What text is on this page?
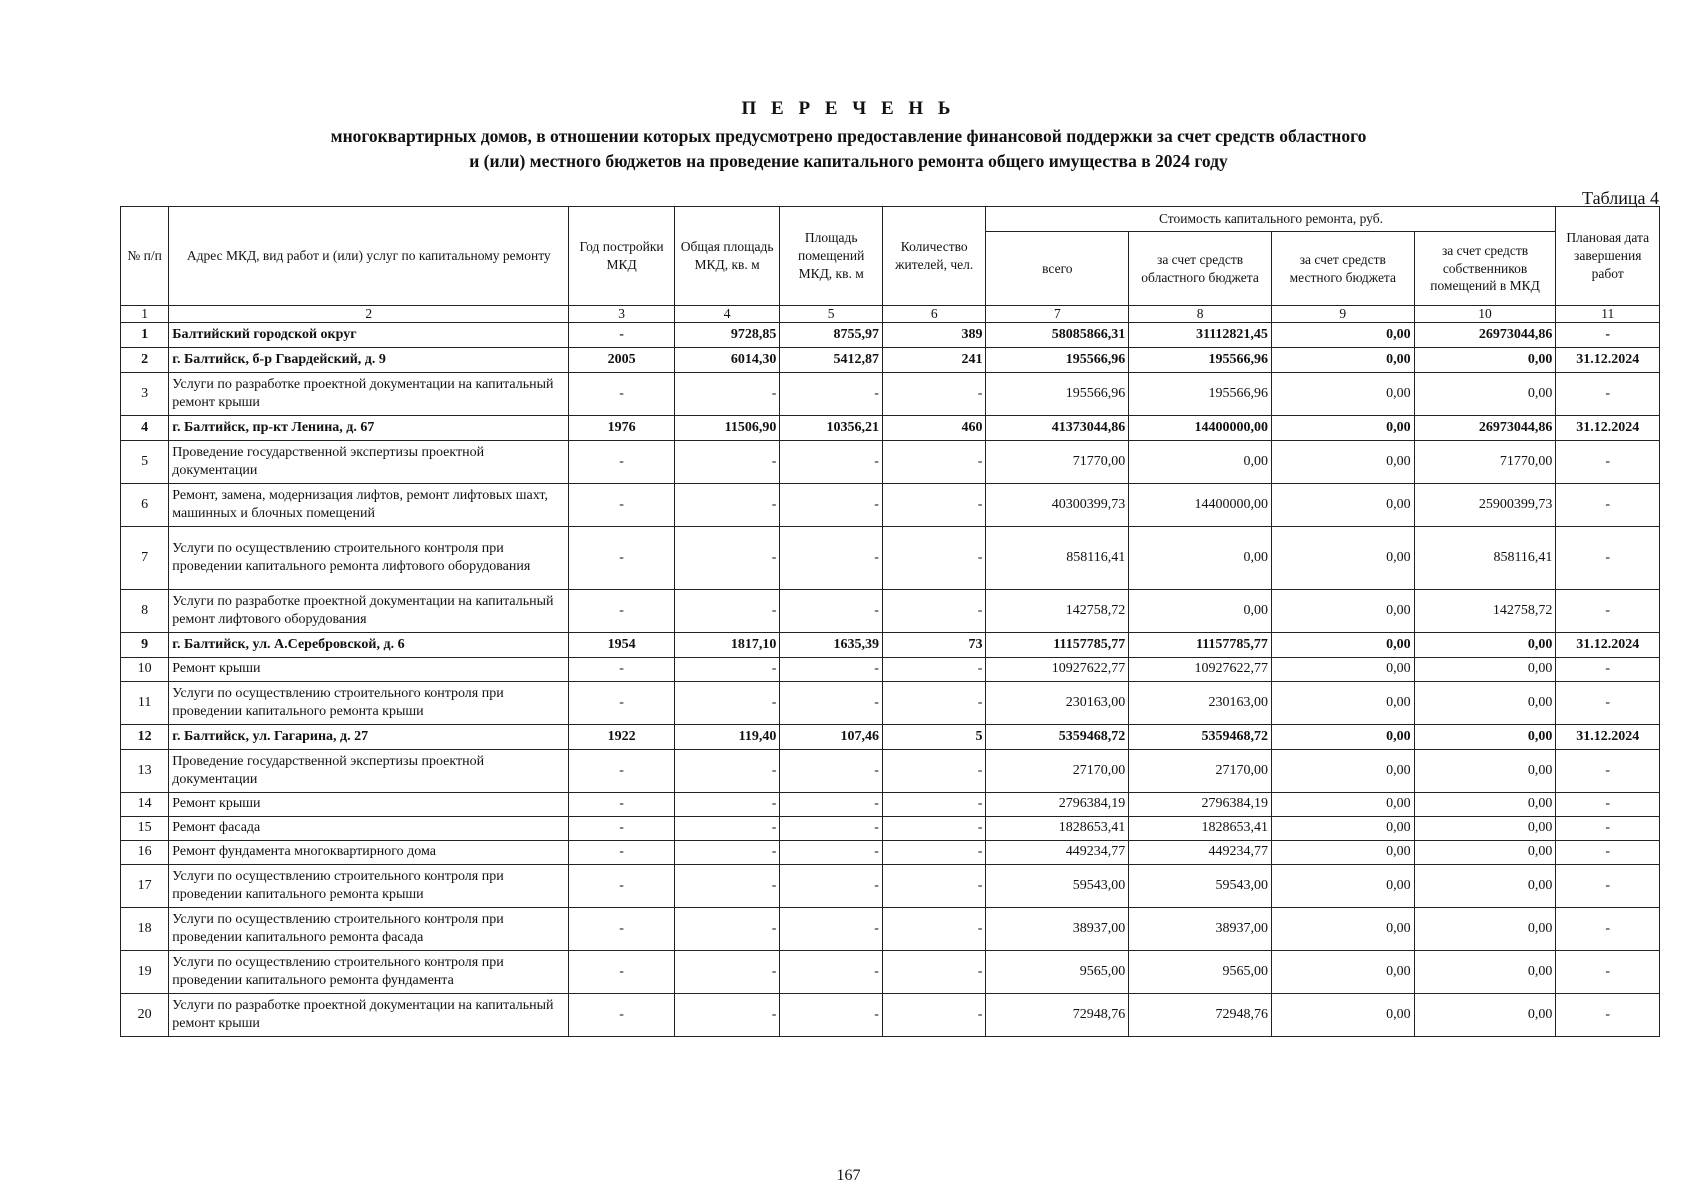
П Е Р Е Ч Е Н Ь
многоквартирных домов, в отношении которых предусмотрено предоставление финансовой поддержки за счет средств областного
и (или) местного бюджетов на проведение капитального ремонта общего имущества в 2024 году
Таблица 4
№ п/п	Адрес МКД, вид работ и (или) услуг по капитальному ремонту	Год постройки МКД	Общая площадь МКД, кв. м	Площадь помещений МКД, кв. м	Количество жителей, чел.	Стоимость капитального ремонта, руб.				Плановая дата завершения работ
						всего	за счет средств областного бюджета	за счет средств местного бюджета	за счет средств собственников помещений в МКД	
1	2	3	4	5	6	7	8	9	10	11
1	Балтийский городской округ	-	9728,85	8755,97	389	58085866,31	31112821,45	0,00	26973044,86	-
2	г. Балтийск, б-р Гвардейский, д. 9	2005	6014,30	5412,87	241	195566,96	195566,96	0,00	0,00	31.12.2024
3	Услуги по разработке проектной документации на капитальный ремонт крыши	-	-	-	-	195566,96	195566,96	0,00	0,00	-
4	г. Балтийск, пр-кт Ленина, д. 67	1976	11506,90	10356,21	460	41373044,86	14400000,00	0,00	26973044,86	31.12.2024
5	Проведение государственной экспертизы проектной документации	-	-	-	-	71770,00	0,00	0,00	71770,00	-
6	Ремонт, замена, модернизация лифтов, ремонт лифтовых шахт, машинных и блочных помещений	-	-	-	-	40300399,73	14400000,00	0,00	25900399,73	-
7	Услуги по осуществлению строительного контроля при проведении капитального ремонта лифтового оборудования	-	-	-	-	858116,41	0,00	0,00	858116,41	-
8	Услуги по разработке проектной документации на капитальный ремонт лифтового оборудования	-	-	-	-	142758,72	0,00	0,00	142758,72	-
9	г. Балтийск, ул. А.Серебровской, д. 6	1954	1817,10	1635,39	73	11157785,77	11157785,77	0,00	0,00	31.12.2024
10	Ремонт крыши	-	-	-	-	10927622,77	10927622,77	0,00	0,00	-
11	Услуги по осуществлению строительного контроля при проведении капитального ремонта крыши	-	-	-	-	230163,00	230163,00	0,00	0,00	-
12	г. Балтийск, ул. Гагарина, д. 27	1922	119,40	107,46	5	5359468,72	5359468,72	0,00	0,00	31.12.2024
13	Проведение государственной экспертизы проектной документации	-	-	-	-	27170,00	27170,00	0,00	0,00	-
14	Ремонт крыши	-	-	-	-	2796384,19	2796384,19	0,00	0,00	-
15	Ремонт фасада	-	-	-	-	1828653,41	1828653,41	0,00	0,00	-
16	Ремонт фундамента многоквартирного дома	-	-	-	-	449234,77	449234,77	0,00	0,00	-
17	Услуги по осуществлению строительного контроля при проведении капитального ремонта крыши	-	-	-	-	59543,00	59543,00	0,00	0,00	-
18	Услуги по осуществлению строительного контроля при проведении капитального ремонта фасада	-	-	-	-	38937,00	38937,00	0,00	0,00	-
19	Услуги по осуществлению строительного контроля при проведении капитального ремонта фундамента	-	-	-	-	9565,00	9565,00	0,00	0,00	-
20	Услуги по разработке проектной документации на капитальный ремонт крыши	-	-	-	-	72948,76	72948,76	0,00	0,00	-
167
